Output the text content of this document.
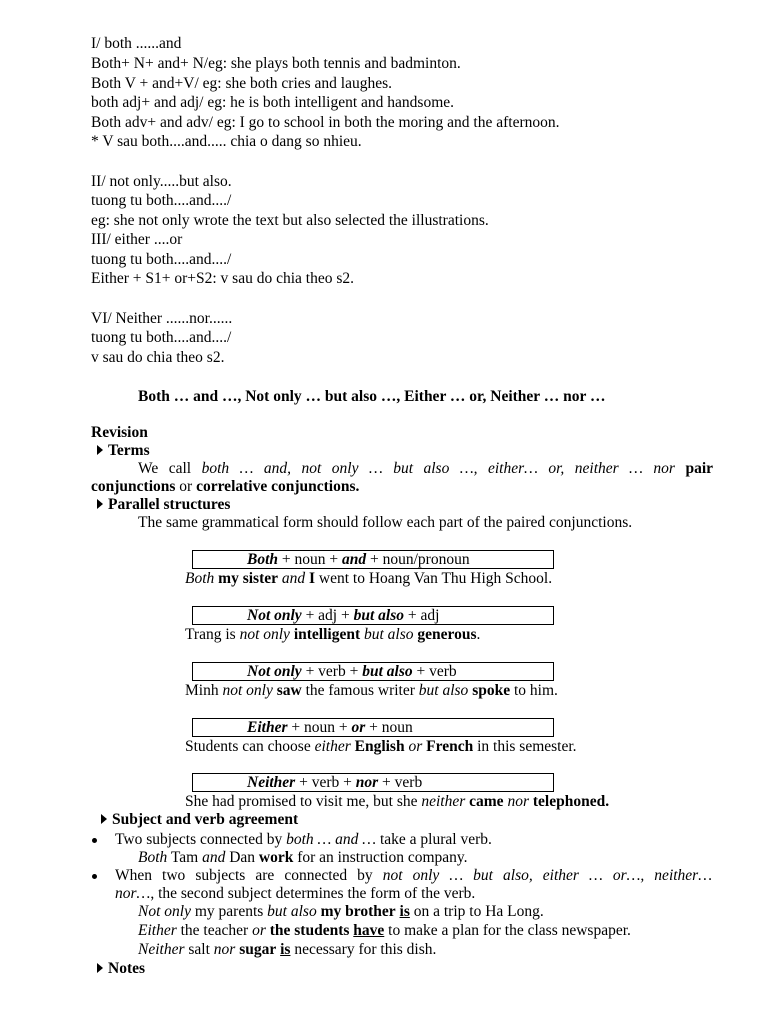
I/ both ......and
Both+ N+ and+ N/eg: she plays both tennis and badminton.
Both V + and+V/ eg: she both cries and laughes.
both adj+ and adj/ eg: he is both intelligent and handsome.
Both adv+ and adv/ eg: I go to school in both the moring and the afternoon.
* V sau both....and..... chia o dang so nhieu.
II/ not only.....but also.
tuong tu both....and..../
eg: she not only wrote the text but also selected the illustrations.
III/ either ....or
tuong tu both....and..../
Either + S1+ or+S2: v sau do chia theo s2.
VI/ Neither ......nor......
tuong tu both....and..../
v sau do chia theo s2.
Both … and …, Not only … but also …, Either … or, Neither … nor …
Revision
Terms
We call both … and, not only … but also …, either… or, neither … nor pair
conjunctions or correlative conjunctions.
Parallel structures
The same grammatical form should follow each part of the paired conjunctions.
Both + noun + and + noun/pronoun
Both my sister and I went to Hoang Van Thu High School.
Not only + adj + but also + adj
Trang is not only intelligent but also generous.
Not only + verb + but also + verb
Minh not only saw the famous writer but also spoke to him.
Either + noun + or + noun
Students can choose either English or French in this semester.
Neither + verb + nor + verb
She had promised to visit me, but she neither came nor telephoned.
Subject and verb agreement
Two subjects connected by both … and … take a plural verb.
Both Tam and Dan work for an instruction company.
When two subjects are connected by not only … but also, either … or…, neither…
nor…, the second subject determines the form of the verb.
Not only my parents but also my brother is on a trip to Ha Long.
Either the teacher or the students have to make a plan for the class newspaper.
Neither salt nor sugar is necessary for this dish.
Notes
